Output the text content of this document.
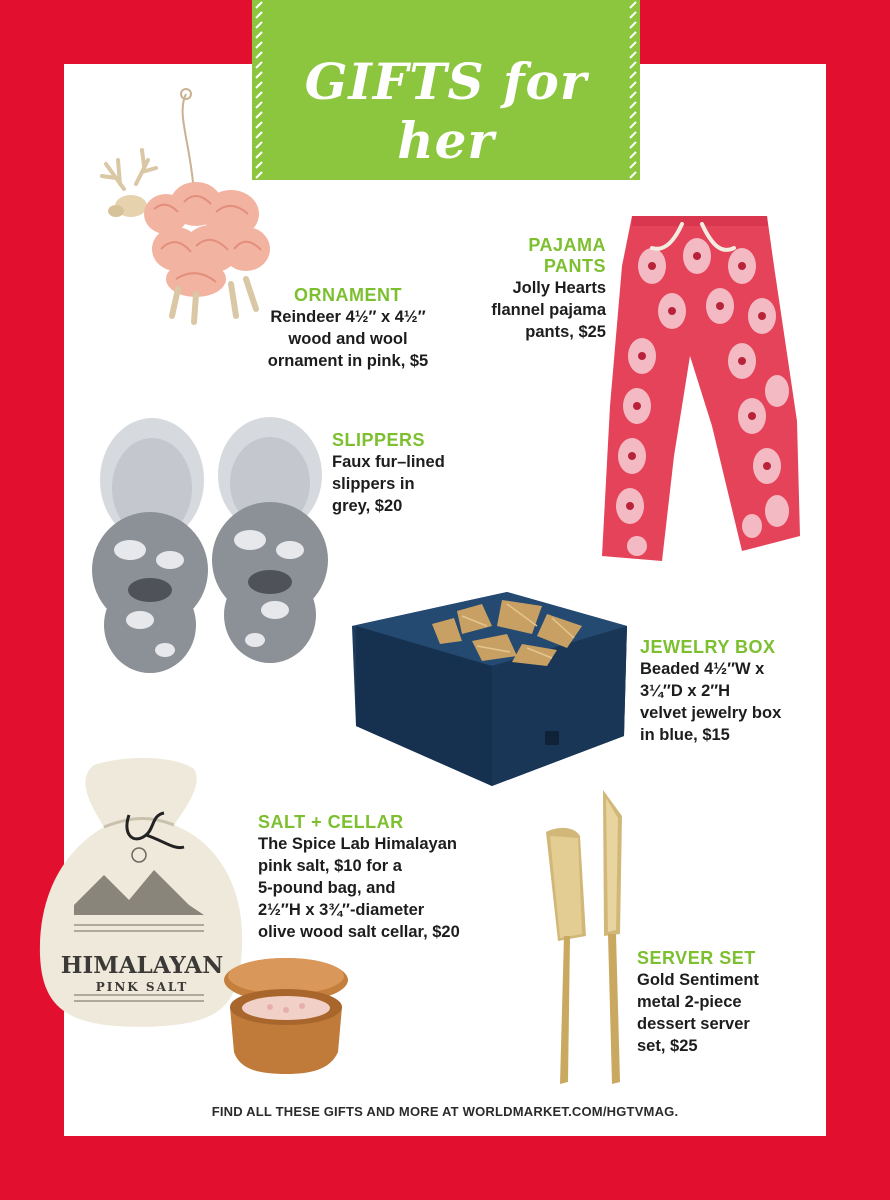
GIFTS for her
ORNAMENT
Reindeer 4½″ x 4½″
wood and wool
ornament in pink, $5
PAJAMA
PANTS
Jolly Hearts
flannel pajama
pants, $25
SLIPPERS
Faux fur–lined
slippers in
grey, $20
JEWELRY BOX
Beaded 4½″W x
3¼″D x 2″H
velvet jewelry box
in blue, $15
HIMALAYAN
PINK SALT
SALT + CELLAR
The Spice Lab Himalayan
pink salt, $10 for a
5-pound bag, and
2½″H x 3¾″-diameter
olive wood salt cellar, $20
SERVER SET
Gold Sentiment
metal 2-piece
dessert server
set, $25
FIND ALL THESE GIFTS AND MORE AT WORLDMARKET.COM/HGTVMAG.
